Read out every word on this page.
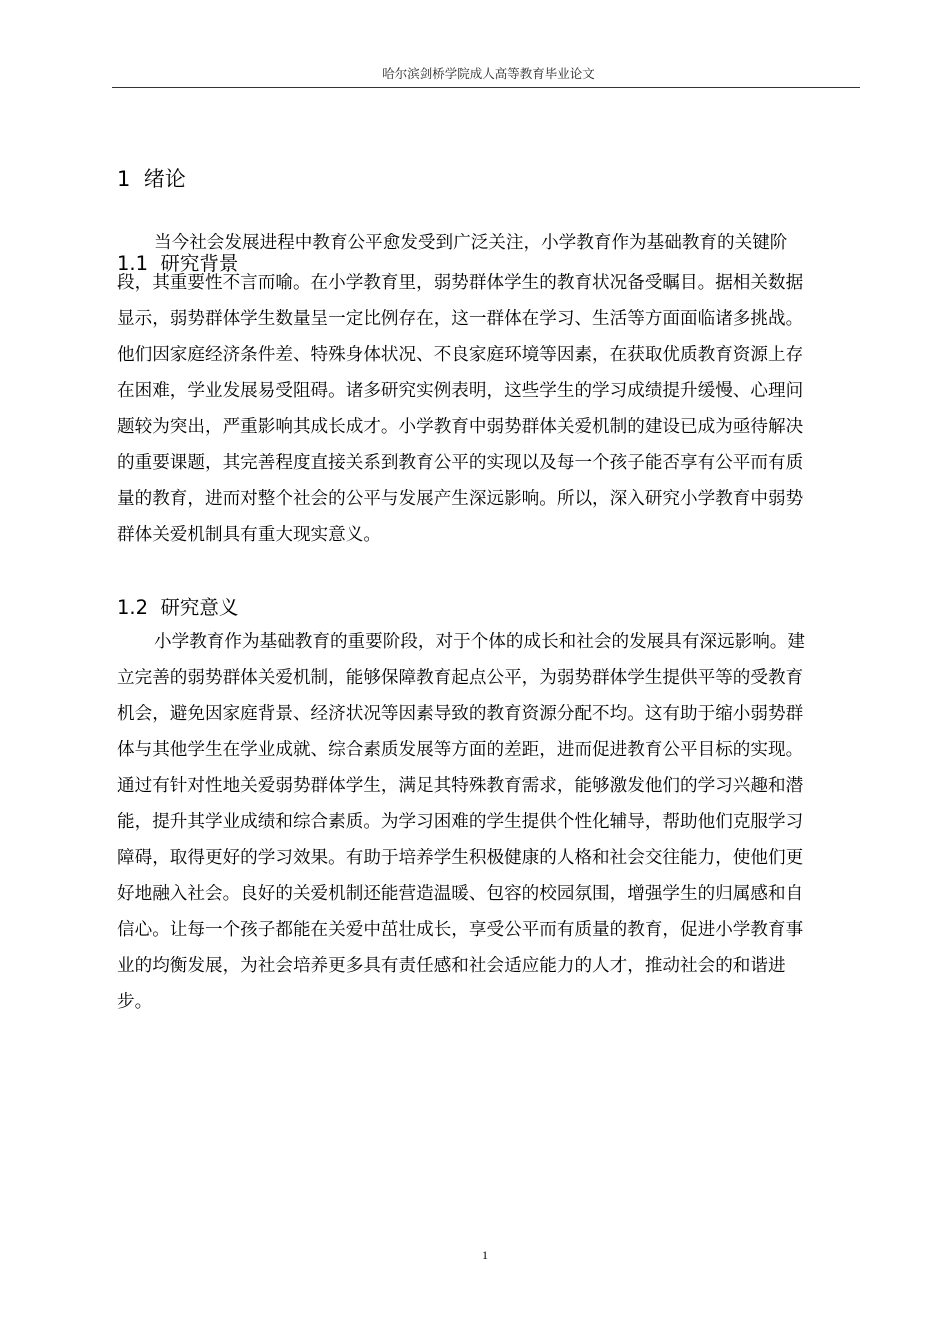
哈尔滨剑桥学院成人高等教育毕业论文
1  绪论
1.1  研究背景
当今社会发展进程中教育公平愈发受到广泛关注，小学教育作为基础教育的关键阶
段，其重要性不言而喻。在小学教育里，弱势群体学生的教育状况备受瞩目。据相关数据
显示，弱势群体学生数量呈一定比例存在，这一群体在学习、生活等方面面临诸多挑战。
他们因家庭经济条件差、特殊身体状况、不良家庭环境等因素，在获取优质教育资源上存
在困难，学业发展易受阻碍。诸多研究实例表明，这些学生的学习成绩提升缓慢、心理问
题较为突出，严重影响其成长成才。小学教育中弱势群体关爱机制的建设已成为亟待解决
的重要课题，其完善程度直接关系到教育公平的实现以及每一个孩子能否享有公平而有质
量的教育，进而对整个社会的公平与发展产生深远影响。所以，深入研究小学教育中弱势
群体关爱机制具有重大现实意义。
1.2  研究意义
小学教育作为基础教育的重要阶段，对于个体的成长和社会的发展具有深远影响。建
立完善的弱势群体关爱机制，能够保障教育起点公平，为弱势群体学生提供平等的受教育
机会，避免因家庭背景、经济状况等因素导致的教育资源分配不均。这有助于缩小弱势群
体与其他学生在学业成就、综合素质发展等方面的差距，进而促进教育公平目标的实现。
通过有针对性地关爱弱势群体学生，满足其特殊教育需求，能够激发他们的学习兴趣和潜
能，提升其学业成绩和综合素质。为学习困难的学生提供个性化辅导，帮助他们克服学习
障碍，取得更好的学习效果。有助于培养学生积极健康的人格和社会交往能力，使他们更
好地融入社会。良好的关爱机制还能营造温暖、包容的校园氛围，增强学生的归属感和自
信心。让每一个孩子都能在关爱中茁壮成长，享受公平而有质量的教育，促进小学教育事
业的均衡发展，为社会培养更多具有责任感和社会适应能力的人才，推动社会的和谐进
步。
1
